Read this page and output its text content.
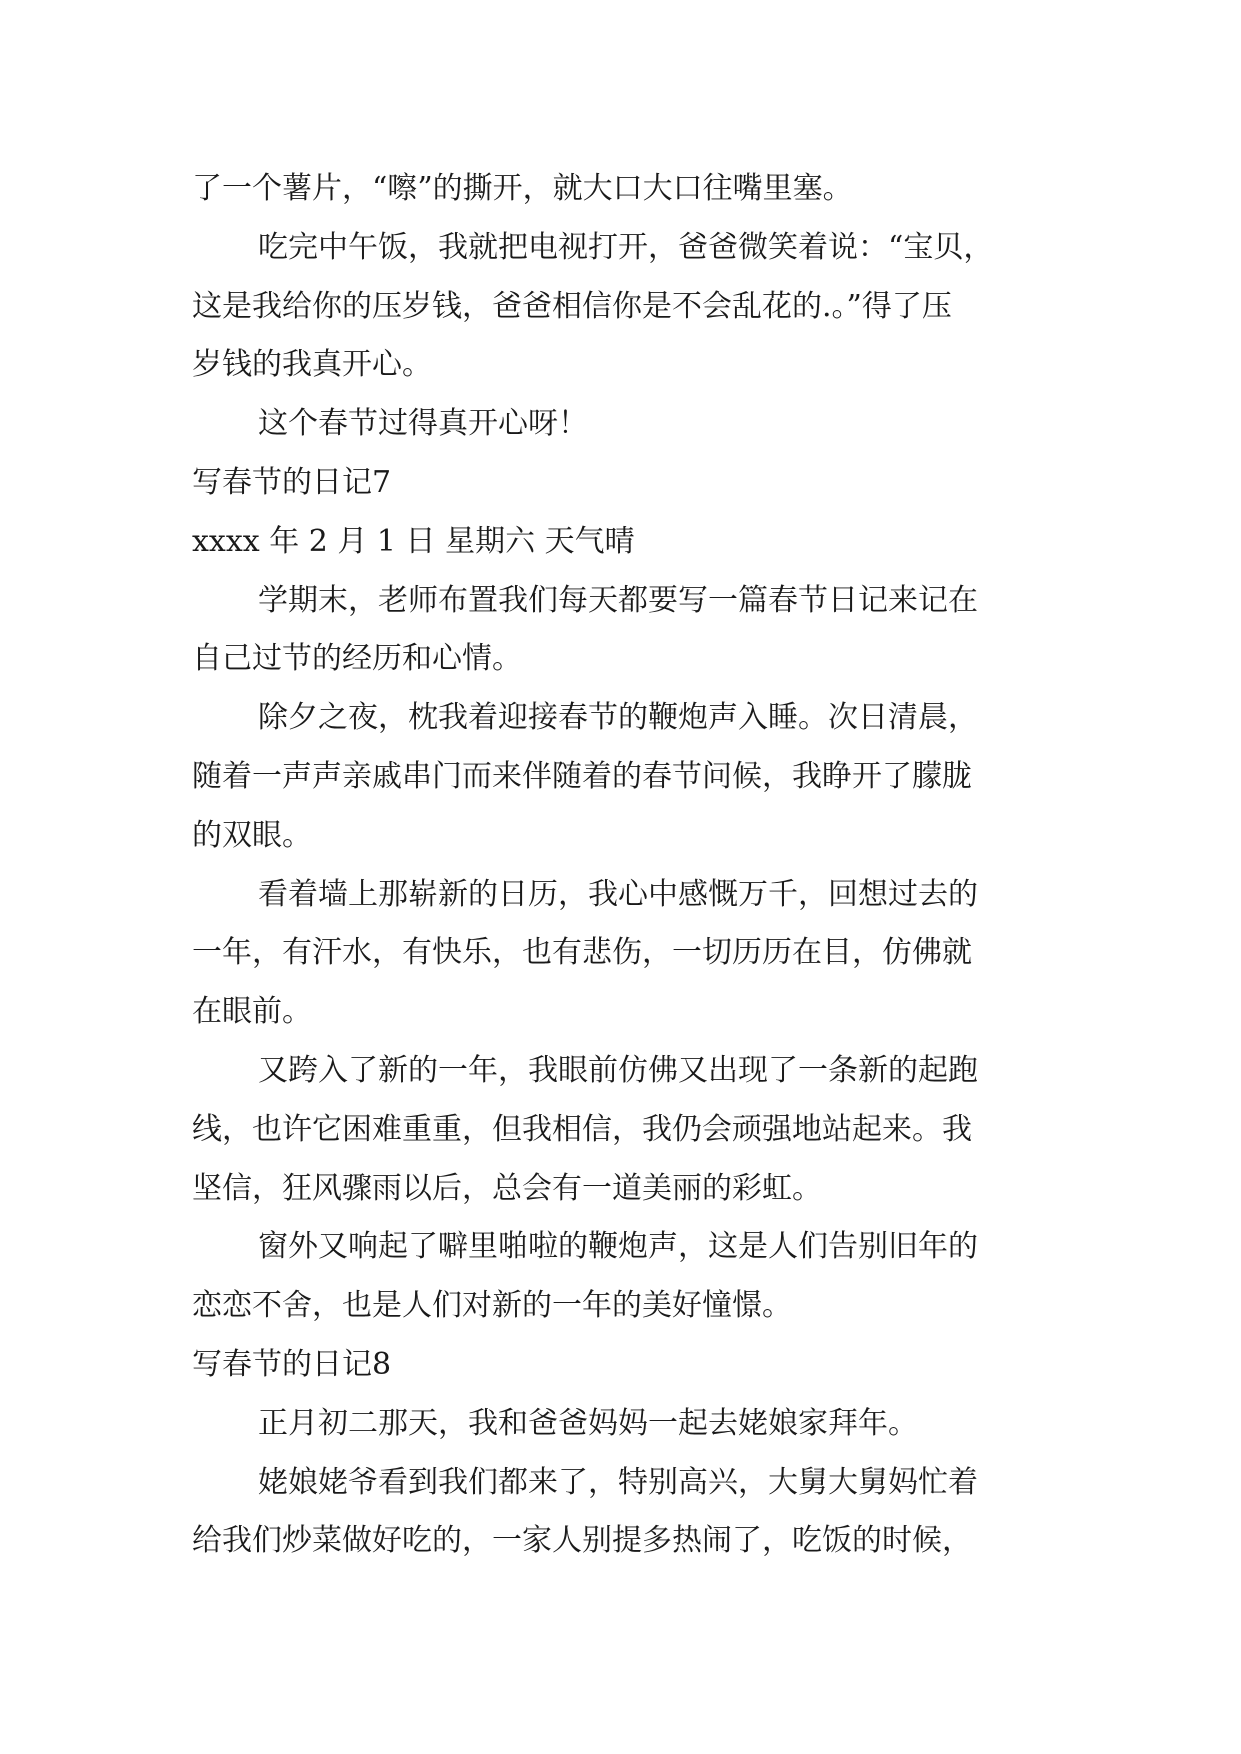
了一个薯片，“嚓”的撕开，就大口大口往嘴里塞。
吃完中午饭，我就把电视打开，爸爸微笑着说：“宝贝，
这是我给你的压岁钱，爸爸相信你是不会乱花的.。”得了压
岁钱的我真开心。
这个春节过得真开心呀！
写春节的日记7
xxxx 年 2 月 1 日 星期六 天气晴
学期末，老师布置我们每天都要写一篇春节日记来记在
自己过节的经历和心情。
除夕之夜，枕我着迎接春节的鞭炮声入睡。次日清晨，
随着一声声亲戚串门而来伴随着的春节问候，我睁开了朦胧
的双眼。
看着墙上那崭新的日历，我心中感慨万千，回想过去的
一年，有汗水，有快乐，也有悲伤，一切历历在目，仿佛就
在眼前。
又跨入了新的一年，我眼前仿佛又出现了一条新的起跑
线，也许它困难重重，但我相信，我仍会顽强地站起来。我
坚信，狂风骤雨以后，总会有一道美丽的彩虹。
窗外又响起了噼里啪啦的鞭炮声，这是人们告别旧年的
恋恋不舍，也是人们对新的一年的美好憧憬。
写春节的日记8
正月初二那天，我和爸爸妈妈一起去姥娘家拜年。
姥娘姥爷看到我们都来了，特别高兴，大舅大舅妈忙着
给我们炒菜做好吃的，一家人别提多热闹了，吃饭的时候，
